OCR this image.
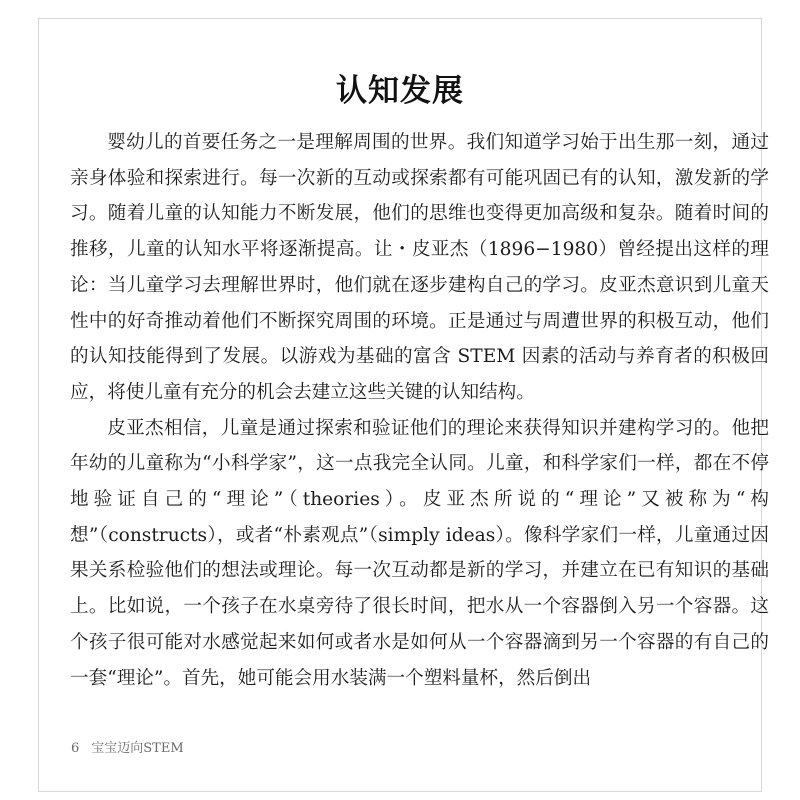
认知发展

婴幼儿的首要任务之一是理解周围的世界。我们知道学习始于出生那一刻，通过亲身体验和探索进行。每一次新的互动或探索都有可能巩固已有的认知，激发新的学习。随着儿童的认知能力不断发展，他们的思维也变得更加高级和复杂。随着时间的推移，儿童的认知水平将逐渐提高。让・皮亚杰（1896−1980）曾经提出这样的理论：当儿童学习去理解世界时，他们就在逐步建构自己的学习。皮亚杰意识到儿童天性中的好奇推动着他们不断探究周围的环境。正是通过与周遭世界的积极互动，他们的认知技能得到了发展。以游戏为基础的富含 STEM 因素的活动与养育者的积极回应，将使儿童有充分的机会去建立这些关键的认知结构。

皮亚杰相信，儿童是通过探索和验证他们的理论来获得知识并建构学习的。他把年幼的儿童称为“小科学家”，这一点我完全认同。儿童，和科学家们一样，都在不停地验证自己的“理论”（theories）。皮亚杰所说的“理论”又被称为“构想”（constructs），或者“朴素观点”（simply ideas）。像科学家们一样，儿童通过因果关系检验他们的想法或理论。每一次互动都是新的学习，并建立在已有知识的基础上。比如说，一个孩子在水桌旁待了很长时间，把水从一个容器倒入另一个容器。这个孩子很可能对水感觉起来如何或者水是如何从一个容器滴到另一个容器的有自己的一套“理论”。首先，她可能会用水装满一个塑料量杯，然后倒出

6 宝宝迈向STEM
